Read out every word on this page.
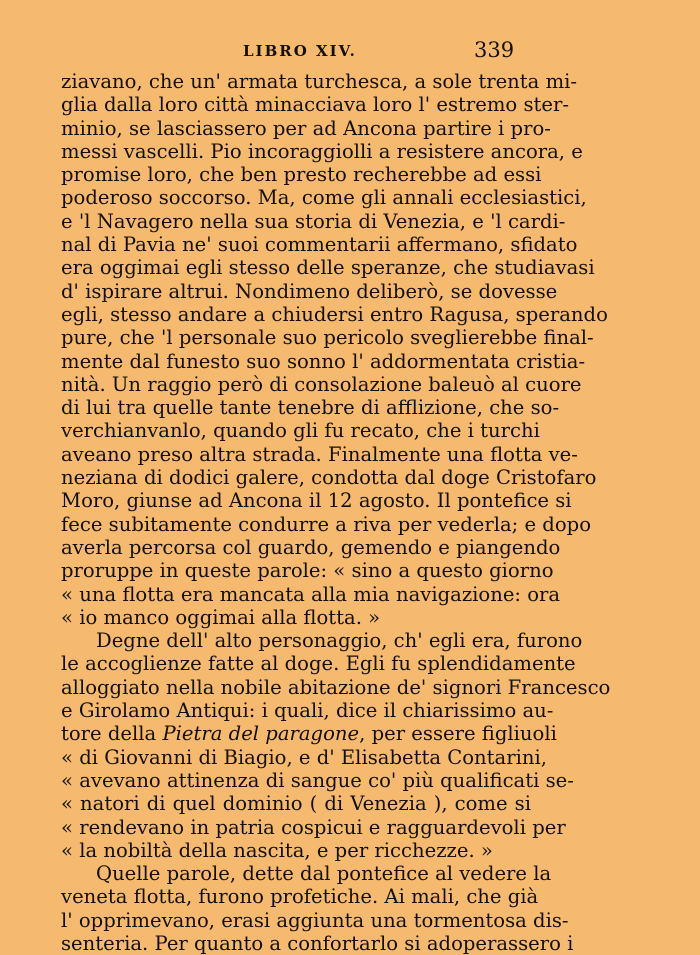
LIBRO XIV.	339
ziavano, che un' armata turchesca, a sole trenta mi-
glia dalla loro città minacciava loro l' estremo ster-
minio, se lasciassero per ad Ancona partire i pro-
messi vascelli. Pio incoraggiolli a resistere ancora, e
promise loro, che ben presto recherebbe ad essi
poderoso soccorso. Ma, come gli annali ecclesiastici,
e 'l Navagero nella sua storia di Venezia, e 'l cardi-
nal di Pavia ne' suoi commentarii affermano, sfidato
era oggimai egli stesso delle speranze, che studiavasi
d' ispirare altrui. Nondimeno deliberò, se dovesse
egli, stesso andare a chiudersi entro Ragusa, sperando
pure, che 'l personale suo pericolo sveglierebbe final-
mente dal funesto suo sonno l' addormentata cristia-
nità. Un raggio però di consolazione baleuò al cuore
di lui tra quelle tante tenebre di afflizione, che so-
verchianvanlo, quando gli fu recato, che i turchi
aveano preso altra strada. Finalmente una flotta ve-
neziana di dodici galere, condotta dal doge Cristofaro
Moro, giunse ad Ancona il 12 agosto. Il pontefice si
fece subitamente condurre a riva per vederla; e dopo
averla percorsa col guardo, gemendo e piangendo
proruppe in queste parole: « sino a questo giorno
« una flotta era mancata alla mia navigazione: ora
« io manco oggimai alla flotta. »
Degne dell' alto personaggio, ch' egli era, furono
le accoglienze fatte al doge. Egli fu splendidamente
alloggiato nella nobile abitazione de' signori Francesco
e Girolamo Antiqui: i quali, dice il chiarissimo au-
tore della Pietra del paragone, per essere figliuoli
« di Giovanni di Biagio, e d' Elisabetta Contarini,
« avevano attinenza di sangue co' più qualificati se-
« natori di quel dominio ( di Venezia ), come si
« rendevano in patria cospicui e ragguardevoli per
« la nobiltà della nascita, e per ricchezze. »
Quelle parole, dette dal pontefice al vedere la
veneta flotta, furono profetiche. Ai mali, che già
l' opprimevano, erasi aggiunta una tormentosa dis-
senteria. Per quanto a confortarlo si adoperassero i
